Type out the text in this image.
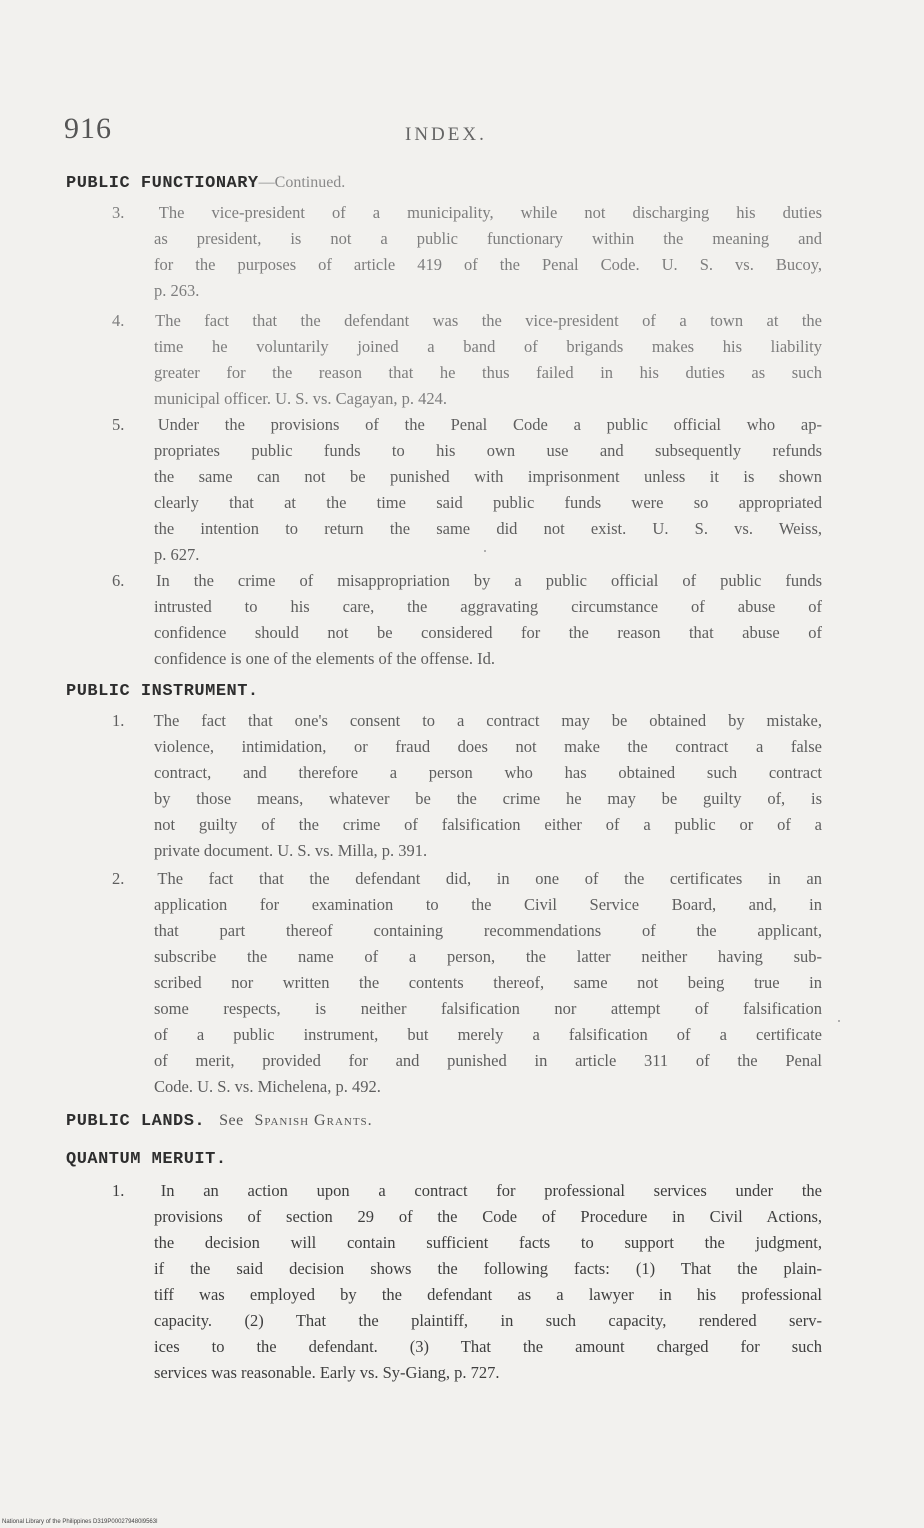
916	INDEX.
PUBLIC FUNCTIONARY—Continued.
3. The vice-president of a municipality, while not discharging his duties
as president, is not a public functionary within the meaning and
for the purposes of article 419 of the Penal Code. U. S. vs. Bucoy,
p. 263.
4. The fact that the defendant was the vice-president of a town at the
time he voluntarily joined a band of brigands makes his liability
greater for the reason that he thus failed in his duties as such
municipal officer. U. S. vs. Cagayan, p. 424.
5. Under the provisions of the Penal Code a public official who ap-
propriates public funds to his own use and subsequently refunds
the same can not be punished with imprisonment unless it is shown
clearly that at the time said public funds were so appropriated
the intention to return the same did not exist. U. S. vs. Weiss,
p. 627.
6. In the crime of misappropriation by a public official of public funds
intrusted to his care, the aggravating circumstance of abuse of
confidence should not be considered for the reason that abuse of
confidence is one of the elements of the offense. Id.
PUBLIC INSTRUMENT.
1. The fact that one's consent to a contract may be obtained by mistake,
violence, intimidation, or fraud does not make the contract a false
contract, and therefore a person who has obtained such contract
by those means, whatever be the crime he may be guilty of, is
not guilty of the crime of falsification either of a public or of a
private document. U. S. vs. Milla, p. 391.
2. The fact that the defendant did, in one of the certificates in an
application for examination to the Civil Service Board, and, in
that part thereof containing recommendations of the applicant,
subscribe the name of a person, the latter neither having sub-
scribed nor written the contents thereof, same not being true in
some respects, is neither falsification nor attempt of falsification
of a public instrument, but merely a falsification of a certificate
of merit, provided for and punished in article 311 of the Penal
Code. U. S. vs. Michelena, p. 492.
PUBLIC LANDS. See Spanish Grants.
QUANTUM MERUIT.
1. In an action upon a contract for professional services under the
provisions of section 29 of the Code of Procedure in Civil Actions,
the decision will contain sufficient facts to support the judgment,
if the said decision shows the following facts: (1) That the plain-
tiff was employed by the defendant as a lawyer in his professional
capacity. (2) That the plaintiff, in such capacity, rendered serv-
ices to the defendant. (3) That the amount charged for such
services was reasonable. Early vs. Sy-Giang, p. 727.
National Library of the Philippines D319P000279480l9563l
